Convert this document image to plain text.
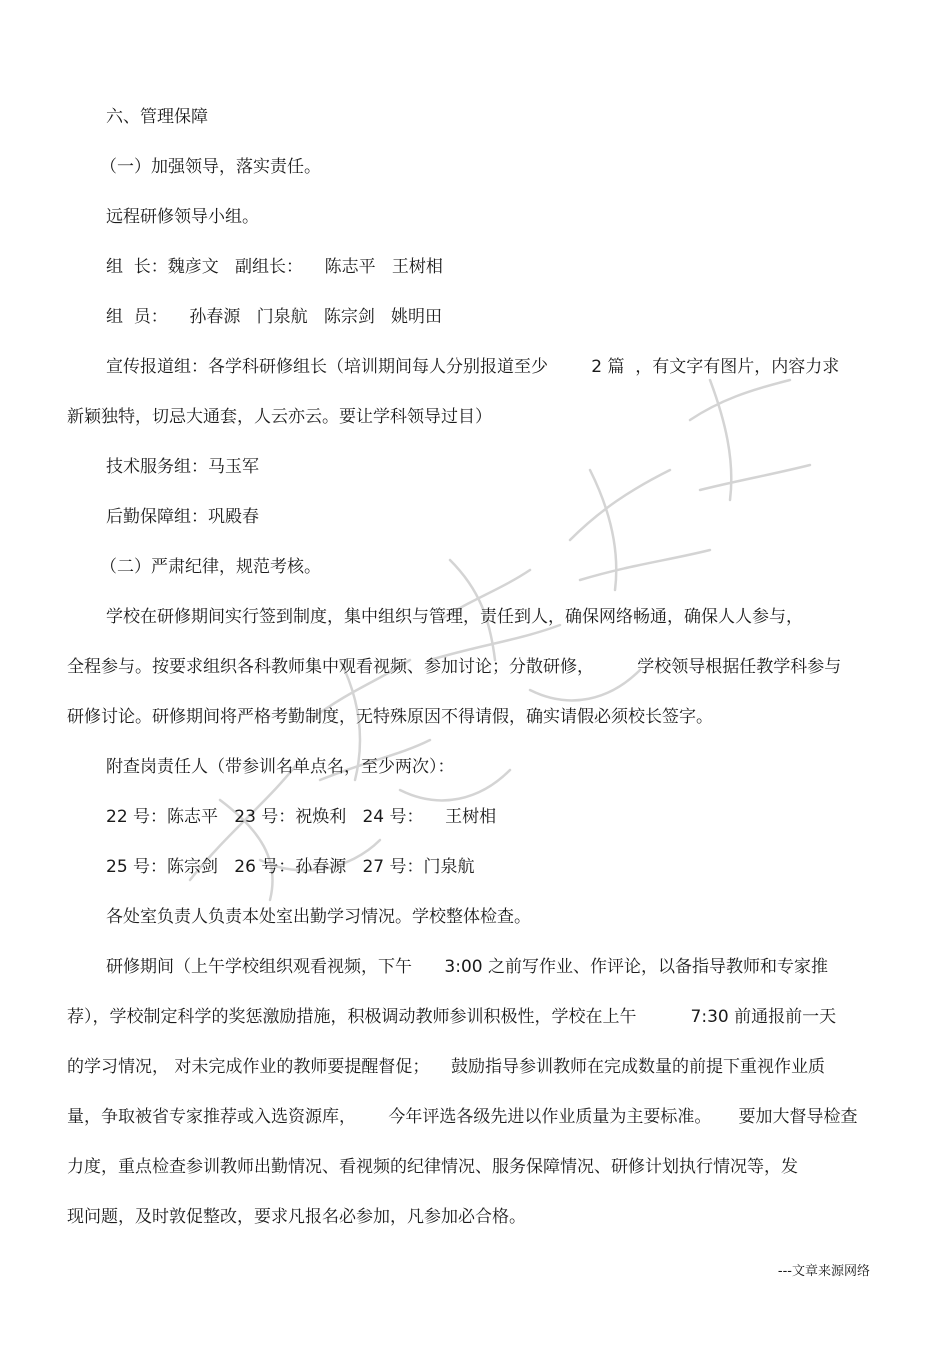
六、管理保障

（一）加强领导，落实责任。

远程研修领导小组。

组  长：魏彦文   副组长：    陈志平   王树相

组  员：    孙春源   门泉航   陈宗剑   姚明田

宣传报道组：各学科研修组长（培训期间每人分别报道至少        2 篇  ，有文字有图片，内容力求

新颖独特，切忌大通套，人云亦云。要让学科领导过目）

技术服务组：马玉军

后勤保障组：巩殿春

（二）严肃纪律，规范考核。

学校在研修期间实行签到制度，集中组织与管理，责任到人，确保网络畅通，确保人人参与，

全程参与。按要求组织各科教师集中观看视频、参加讨论；分散研修，        学校领导根据任教学科参与

研修讨论。研修期间将严格考勤制度，无特殊原因不得请假，确实请假必须校长签字。

附查岗责任人（带参训名单点名，至少两次）：

22 号：陈志平   23 号：祝焕利   24 号：    王树相

25 号：陈宗剑   26 号：孙春源   27 号：门泉航

各处室负责人负责本处室出勤学习情况。学校整体检查。

研修期间（上午学校组织观看视频，下午      3:00 之前写作业、作评论，以备指导教师和专家推

荐），学校制定科学的奖惩激励措施，积极调动教师参训积极性，学校在上午          7:30 前通报前一天

的学习情况， 对未完成作业的教师要提醒督促；    鼓励指导参训教师在完成数量的前提下重视作业质

量，争取被省专家推荐或入选资源库，      今年评选各级先进以作业质量为主要标准。     要加大督导检查

力度，重点检查参训教师出勤情况、看视频的纪律情况、服务保障情况、研修计划执行情况等，发

现问题，及时敦促整改，要求凡报名必参加，凡参加必合格。

---文章来源网络
